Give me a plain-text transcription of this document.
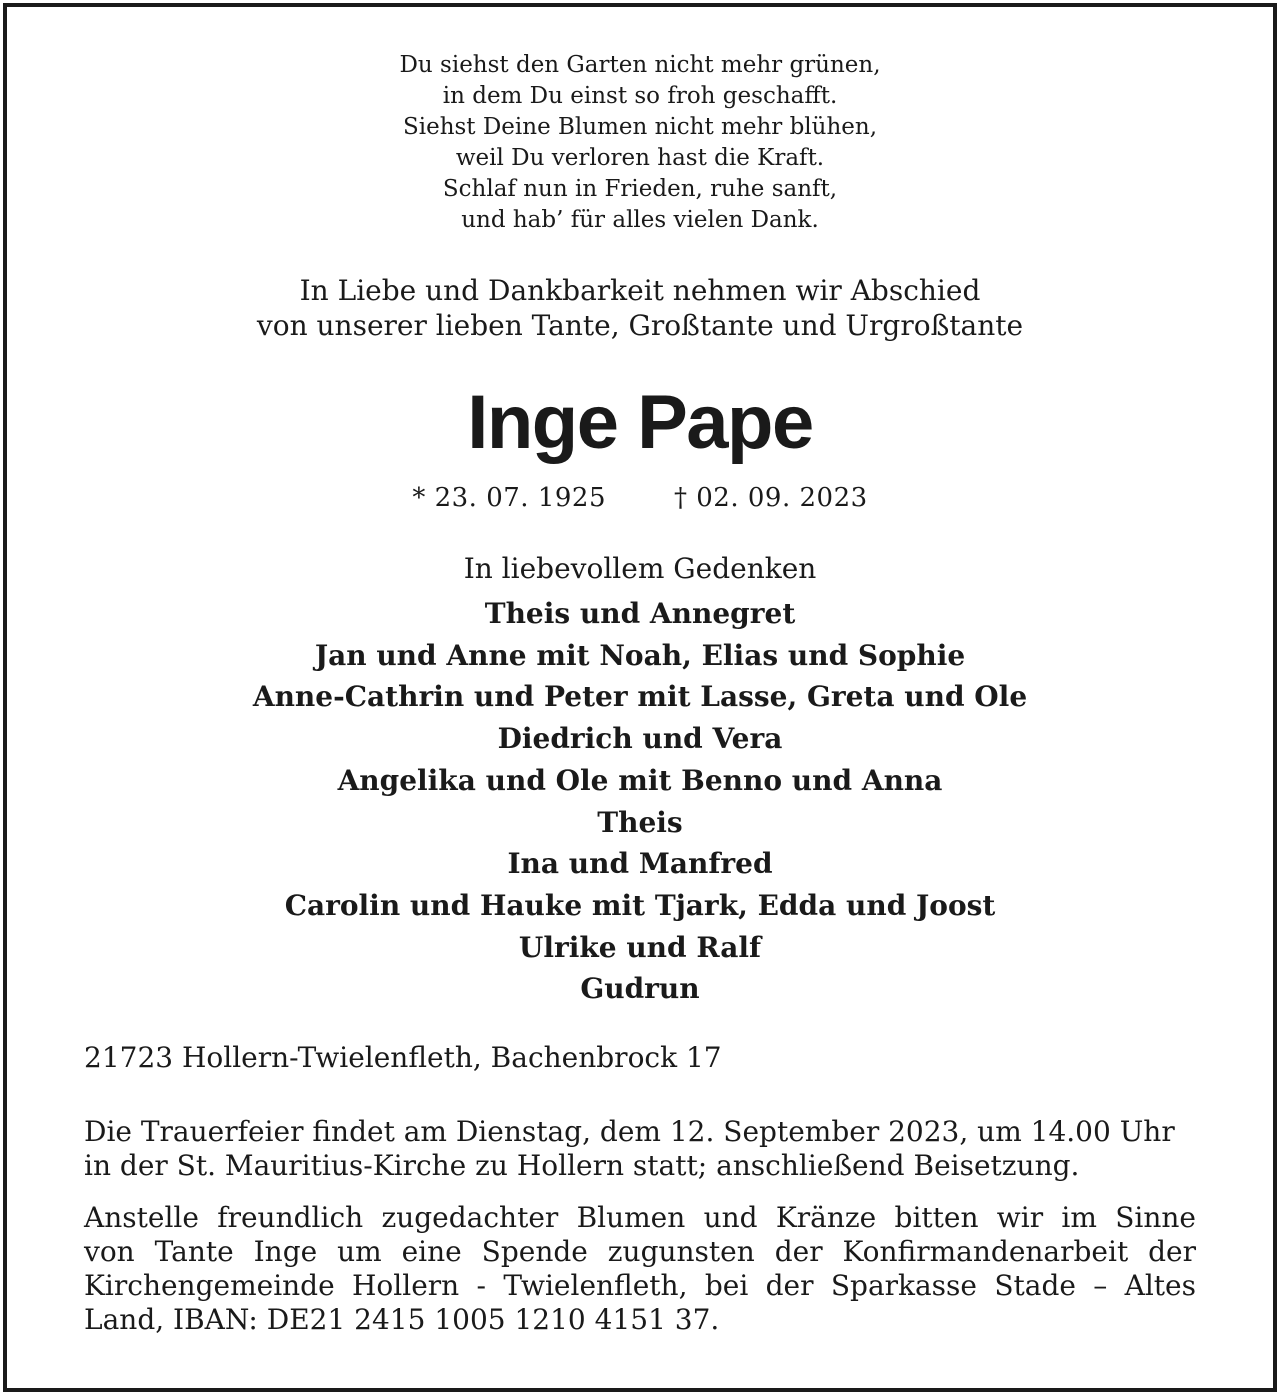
Du siehst den Garten nicht mehr grünen,
in dem Du einst so froh geschafft.
Siehst Deine Blumen nicht mehr blühen,
weil Du verloren hast die Kraft.
Schlaf nun in Frieden, ruhe sanft,
und hab’ für alles vielen Dank.
In Liebe und Dankbarkeit nehmen wir Abschied
von unserer lieben Tante, Großtante und Urgroßtante
Inge Pape
* 23. 07. 1925	† 02. 09. 2023
In liebevollem Gedenken
Theis und Annegret
Jan und Anne mit Noah, Elias und Sophie
Anne-Cathrin und Peter mit Lasse, Greta und Ole
Diedrich und Vera
Angelika und Ole mit Benno und Anna
Theis
Ina und Manfred
Carolin und Hauke mit Tjark, Edda und Joost
Ulrike und Ralf
Gudrun
21723 Hollern-Twielenfleth, Bachenbrock 17
Die Trauerfeier findet am Dienstag, dem 12. September 2023, um 14.00 Uhr
in der St. Mauritius-Kirche zu Hollern statt; anschließend Beisetzung.
Anstelle freundlich zugedachter Blumen und Kränze bitten wir im Sinne
von Tante Inge um eine Spende zugunsten der Konfirmandenarbeit der
Kirchengemeinde Hollern - Twielenfleth, bei der Sparkasse Stade – Altes
Land, IBAN: DE21 2415 1005 1210 4151 37.
